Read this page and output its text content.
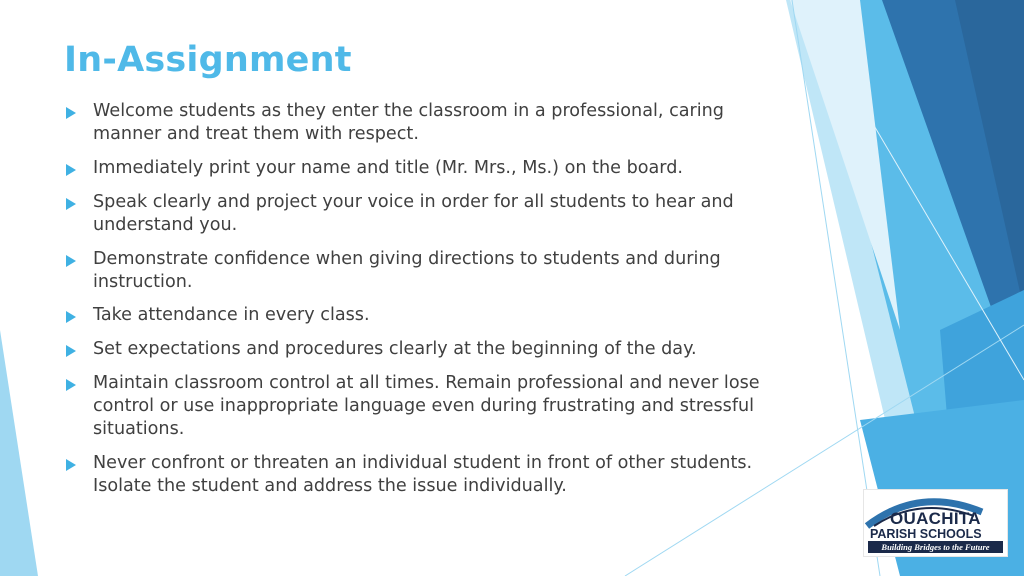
In-Assignment
Welcome students as they enter the classroom in a professional, caring manner and treat them with respect.
Immediately print your name and title (Mr. Mrs., Ms.) on the board.
Speak clearly and project your voice in order for all students to hear and understand you.
Demonstrate confidence when giving directions to students and during instruction.
Take attendance in every class.
Set expectations and procedures clearly at the beginning of the day.
Maintain classroom control at all times. Remain professional and never lose control or use inappropriate language even during frustrating and stressful situations.
Never confront or threaten an individual student in front of other students. Isolate the student and address the issue individually.
OUACHITA
PARISH SCHOOLS
Building Bridges to the Future
